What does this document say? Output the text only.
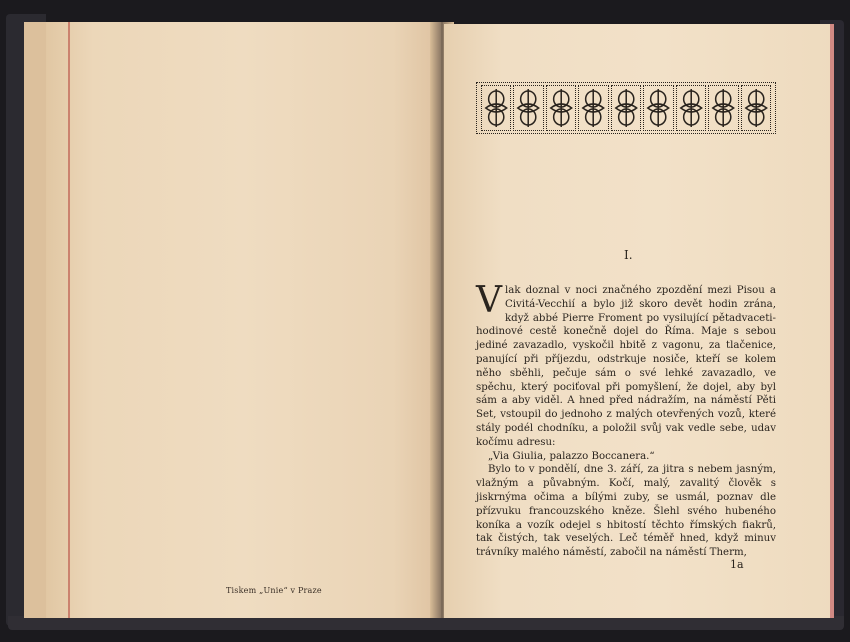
Tiskem „Unie“ v Praze
I.

Vlak doznal v noci značného zpozdění mezi Pisou a Civitá-Vecchií a bylo již skoro devět hodin zrána, když abbé Pierre Froment po vysilující pětadvaceti-hodinové cestě konečně dojel do Říma. Maje s sebou jediné zavazadlo, vyskočil hbitě z vagonu, za tlačenice, panující při příjezdu, odstrkuje nosiče, kteří se kolem něho sběhli, pečuje sám o své lehké zavazadlo, ve spěchu, který pociťoval při pomyšlení, že dojel, aby byl sám a aby viděl. A hned před nádražím, na náměstí Pěti Set, vstoupil do jednoho z malých otevřených vozů, které stály podél chodníku, a položil svůj vak vedle sebe, udav kočímu adresu:

„Via Giulia, palazzo Boccanera.“

Bylo to v pondělí, dne 3. září, za jitra s nebem jasným, vlažným a půvabným. Kočí, malý, zavalitý člověk s jiskrnýma očima a bílými zuby, se usmál, poznav dle přízvuku francouzského kněze. Šlehl svého hubeného koníka a vozík odejel s hbitostí těchto římských fiakrů, tak čistých, tak veselých. Leč téměř hned, když minuv trávníky malého náměstí, zabočil na náměstí Therm,

1a
